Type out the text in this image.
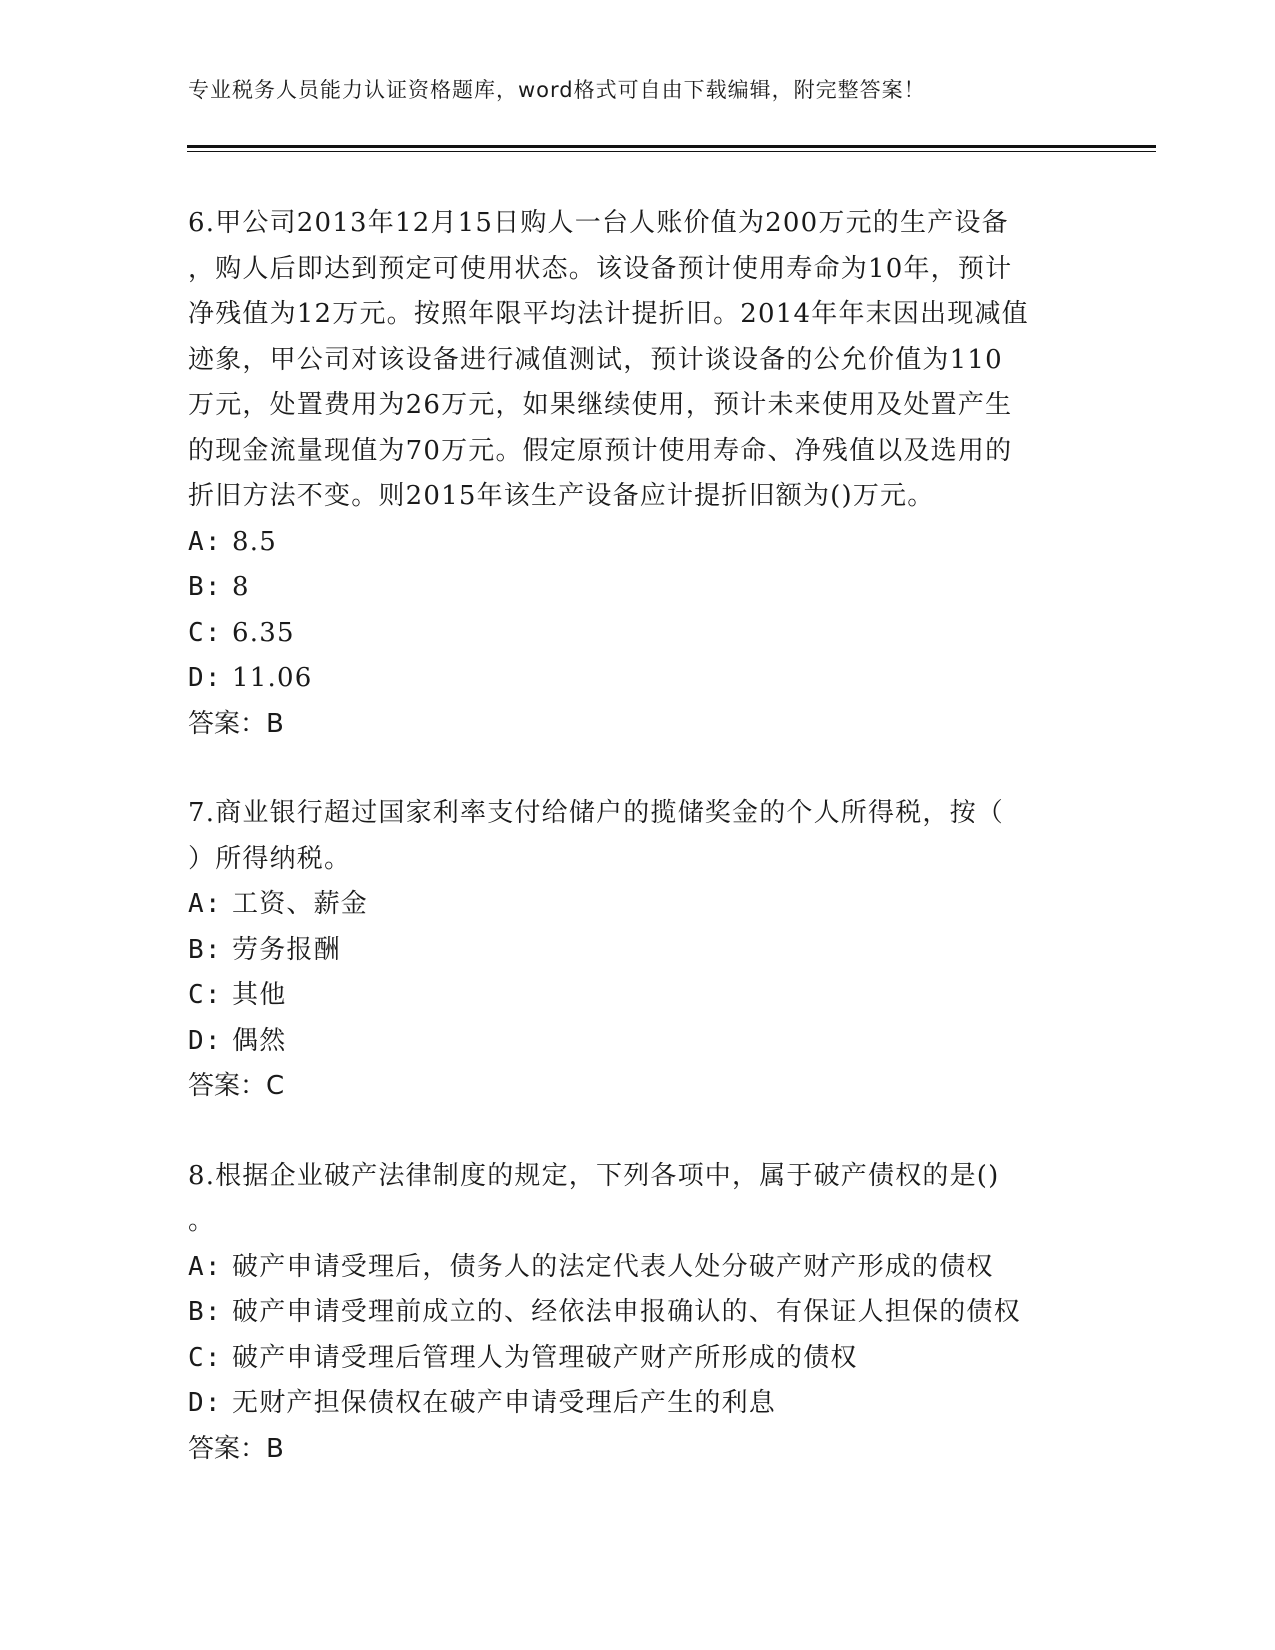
专业税务人员能力认证资格题库，word格式可自由下载编辑，附完整答案！
6.甲公司2013年12月15日购人一台人账价值为200万元的生产设备
，购人后即达到预定可使用状态。该设备预计使用寿命为10年，预计
净残值为12万元。按照年限平均法计提折旧。2014年年末因出现减值
迹象，甲公司对该设备进行减值测试，预计谈设备的公允价值为110
万元，处置费用为26万元，如果继续使用，预计未来使用及处置产生
的现金流量现值为70万元。假定原预计使用寿命、净残值以及选用的
折旧方法不变。则2015年该生产设备应计提折旧额为()万元。
A: 8.5
B: 8
C: 6.35
D: 11.06
答案：B
7.商业银行超过国家利率支付给储户的揽储奖金的个人所得税，按（
）所得纳税。
A: 工资、薪金
B: 劳务报酬
C: 其他
D: 偶然
答案：C
8.根据企业破产法律制度的规定，下列各项中，属于破产债权的是()
。
A: 破产申请受理后，债务人的法定代表人处分破产财产形成的债权
B: 破产申请受理前成立的、经依法申报确认的、有保证人担保的债权
C: 破产申请受理后管理人为管理破产财产所形成的债权
D: 无财产担保债权在破产申请受理后产生的利息
答案：B
